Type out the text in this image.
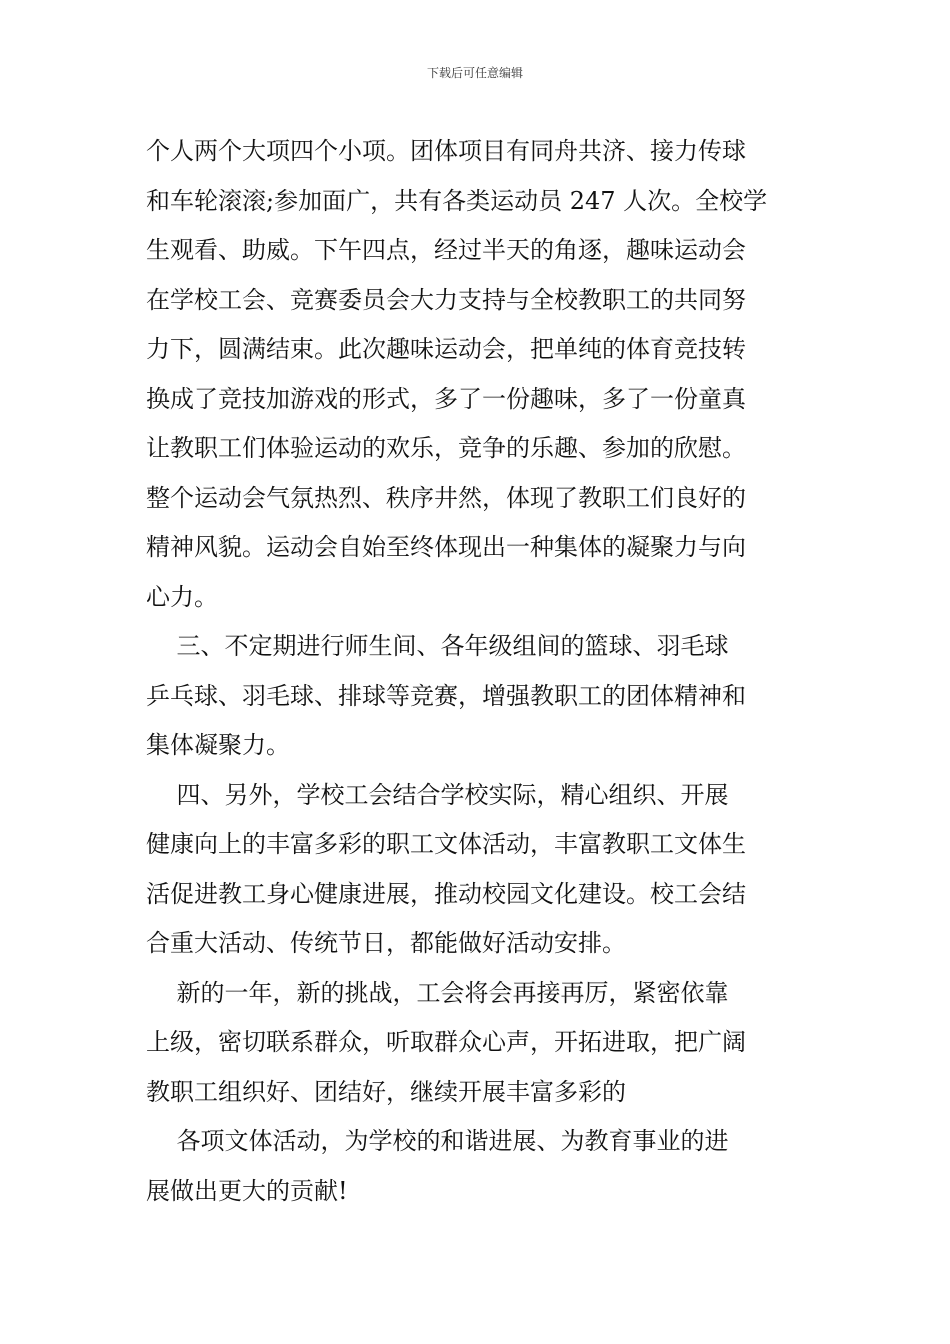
下载后可任意编辑

个人两个大项四个小项。团体项目有同舟共济、接力传球

和车轮滚滚;参加面广，共有各类运动员 247 人次。全校学

生观看、助威。下午四点，经过半天的角逐，趣味运动会

在学校工会、竞赛委员会大力支持与全校教职工的共同努

力下，圆满结束。此次趣味运动会，把单纯的体育竞技转

换成了竞技加游戏的形式，多了一份趣味，多了一份童真

让教职工们体验运动的欢乐，竞争的乐趣、参加的欣慰。

整个运动会气氛热烈、秩序井然，体现了教职工们良好的

精神风貌。运动会自始至终体现出一种集体的凝聚力与向

心力。

三、不定期进行师生间、各年级组间的篮球、羽毛球

乒乓球、羽毛球、排球等竞赛，增强教职工的团体精神和

集体凝聚力。

四、另外，学校工会结合学校实际，精心组织、开展

健康向上的丰富多彩的职工文体活动，丰富教职工文体生

活促进教工身心健康进展，推动校园文化建设。校工会结

合重大活动、传统节日，都能做好活动安排。

新的一年，新的挑战，工会将会再接再厉，紧密依靠

上级，密切联系群众，听取群众心声，开拓进取，把广阔

教职工组织好、团结好，继续开展丰富多彩的

各项文体活动，为学校的和谐进展、为教育事业的进

展做出更大的贡献!
